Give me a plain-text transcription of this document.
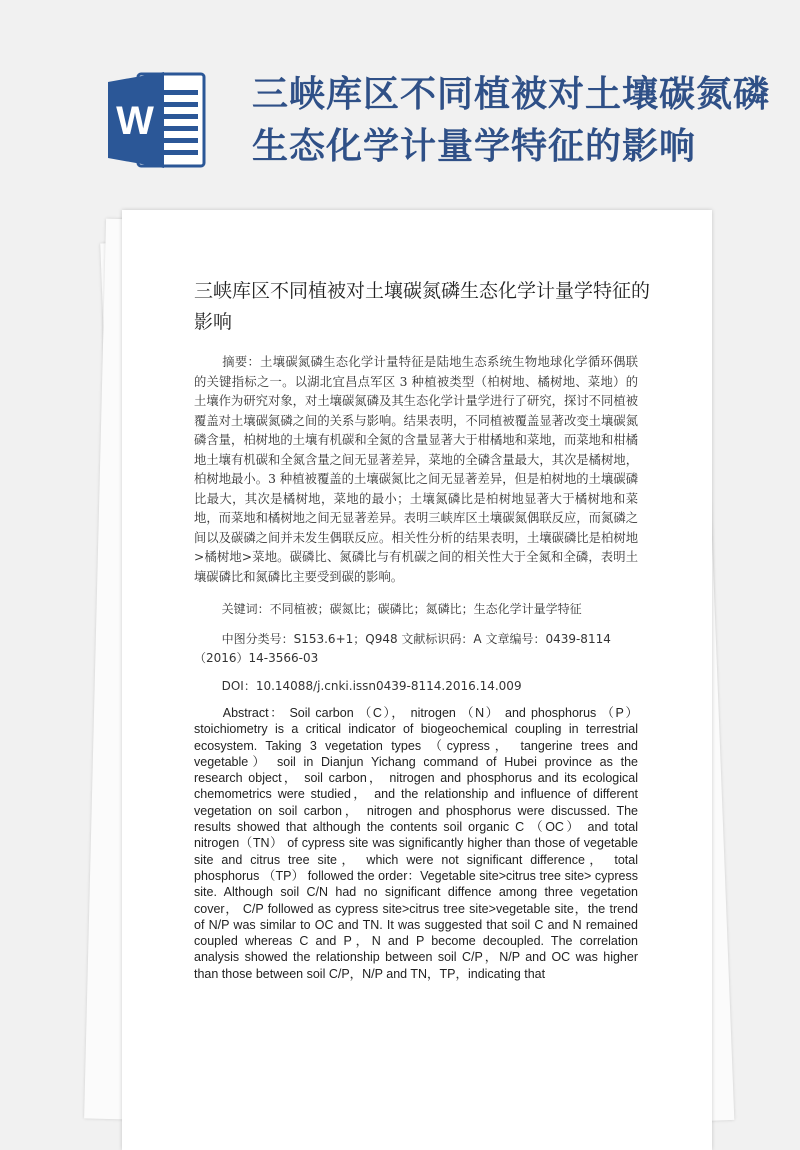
W
三峡库区不同植被对土壤碳氮磷生态化学计量学特征的影响
三峡库区不同植被对土壤碳氮磷生态化学计量学特征的影响
摘要：土壤碳氮磷生态化学计量特征是陆地生态系统生物地球化学循环偶联的关键指标之一。以湖北宜昌点军区 3 种植被类型（柏树地、橘树地、菜地）的土壤作为研究对象，对土壤碳氮磷及其生态化学计量学进行了研究，探讨不同植被覆盖对土壤碳氮磷之间的关系与影响。结果表明，不同植被覆盖显著改变土壤碳氮磷含量，柏树地的土壤有机碳和全氮的含量显著大于柑橘地和菜地，而菜地和柑橘地土壤有机碳和全氮含量之间无显著差异，菜地的全磷含量最大，其次是橘树地，柏树地最小。3 种植被覆盖的土壤碳氮比之间无显著差异，但是柏树地的土壤碳磷比最大，其次是橘树地，菜地的最小；土壤氮磷比是柏树地显著大于橘树地和菜地，而菜地和橘树地之间无显著差异。表明三峡库区土壤碳氮偶联反应，而氮磷之间以及碳磷之间并未发生偶联反应。相关性分析的结果表明，土壤碳磷比是柏树地>橘树地>菜地。碳磷比、氮磷比与有机碳之间的相关性大于全氮和全磷，表明土壤碳磷比和氮磷比主要受到碳的影响。
关键词：不同植被；碳氮比；碳磷比；氮磷比；生态化学计量学特征
中图分类号：S153.6+1；Q948 文献标识码：A 文章编号：0439-8114（2016）14-3566-03
DOI：10.14088/j.cnki.issn0439-8114.2016.14.009
Abstract： Soil carbon （C）， nitrogen （N） and phosphorus （P） stoichiometry is a critical indicator of biogeochemical coupling in terrestrial ecosystem. Taking 3 vegetation types （cypress， tangerine trees and vegetable） soil in Dianjun Yichang command of Hubei province as the research object， soil carbon， nitrogen and phosphorus and its ecological chemometrics were studied， and the relationship and influence of different vegetation on soil carbon， nitrogen and phosphorus were discussed. The results showed that although the contents soil organic C （OC） and total nitrogen（TN） of cypress site was significantly higher than those of vegetable site and citrus tree site， which were not significant difference， total phosphorus （TP） followed the order：Vegetable site>citrus tree site> cypress site. Although soil C/N had no significant diffence among three vegetation cover， C/P followed as cypress site>citrus tree site>vegetable site，the trend of N/P was similar to OC and TN. It was suggested that soil C and N remained coupled whereas C and P，N and P become decoupled. The correlation analysis showed the relationship between soil C/P，N/P and OC was higher than those between soil C/P，N/P and TN，TP，indicating that
